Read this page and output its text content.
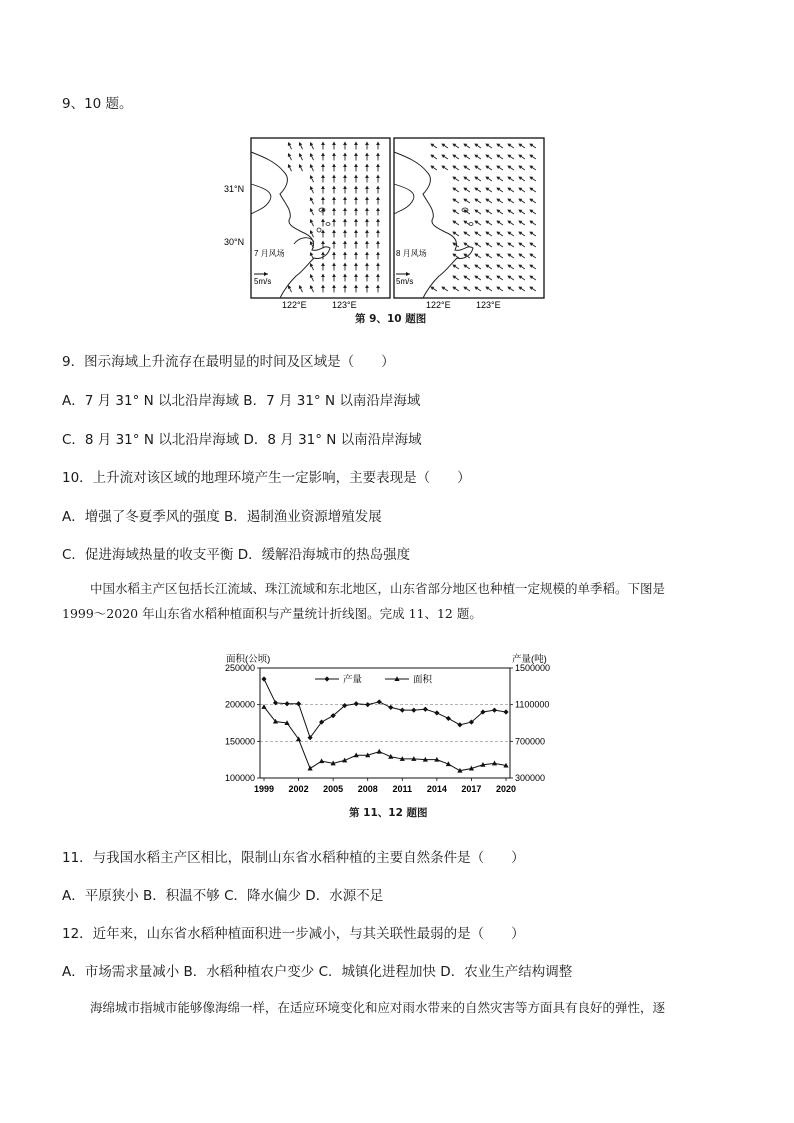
9、10 题。
7 月风场
5m/s
8 月风场
5m/s
31°N
30°N
122°E	123°E	122°E	123°E
第 9、10 题图
9．图示海域上升流存在最明显的时间及区域是（　　）
A．7 月 31° N 以北沿岸海域 B．7 月 31° N 以南沿岸海域
C．8 月 31° N 以北沿岸海域 D．8 月 31° N 以南沿岸海域
10．上升流对该区域的地理环境产生一定影响，主要表现是（　　）
A．增强了冬夏季风的强度 B．遏制渔业资源增殖发展
C．促进海域热量的收支平衡 D．缓解沿海城市的热岛强度
中国水稻主产区包括长江流域、珠江流域和东北地区，山东省部分地区也种植一定规模的单季稻。下图是
1999～2020 年山东省水稻种植面积与产量统计折线图。完成 11、12 题。
250000
200000
150000
100000
1500000
1100000
700000
300000
1999 2002 2005 2008 2011 2014 2017 2020
面积(公顷)	产量(吨)
产量	面积
第 11、12 题图
11．与我国水稻主产区相比，限制山东省水稻种植的主要自然条件是（　　）
A．平原狭小 B．积温不够 C．降水偏少 D．水源不足
12．近年来，山东省水稻种植面积进一步减小，与其关联性最弱的是（　　）
A．市场需求量减小 B．水稻种植农户变少 C．城镇化进程加快 D．农业生产结构调整
海绵城市指城市能够像海绵一样，在适应环境变化和应对雨水带来的自然灾害等方面具有良好的弹性，逐
